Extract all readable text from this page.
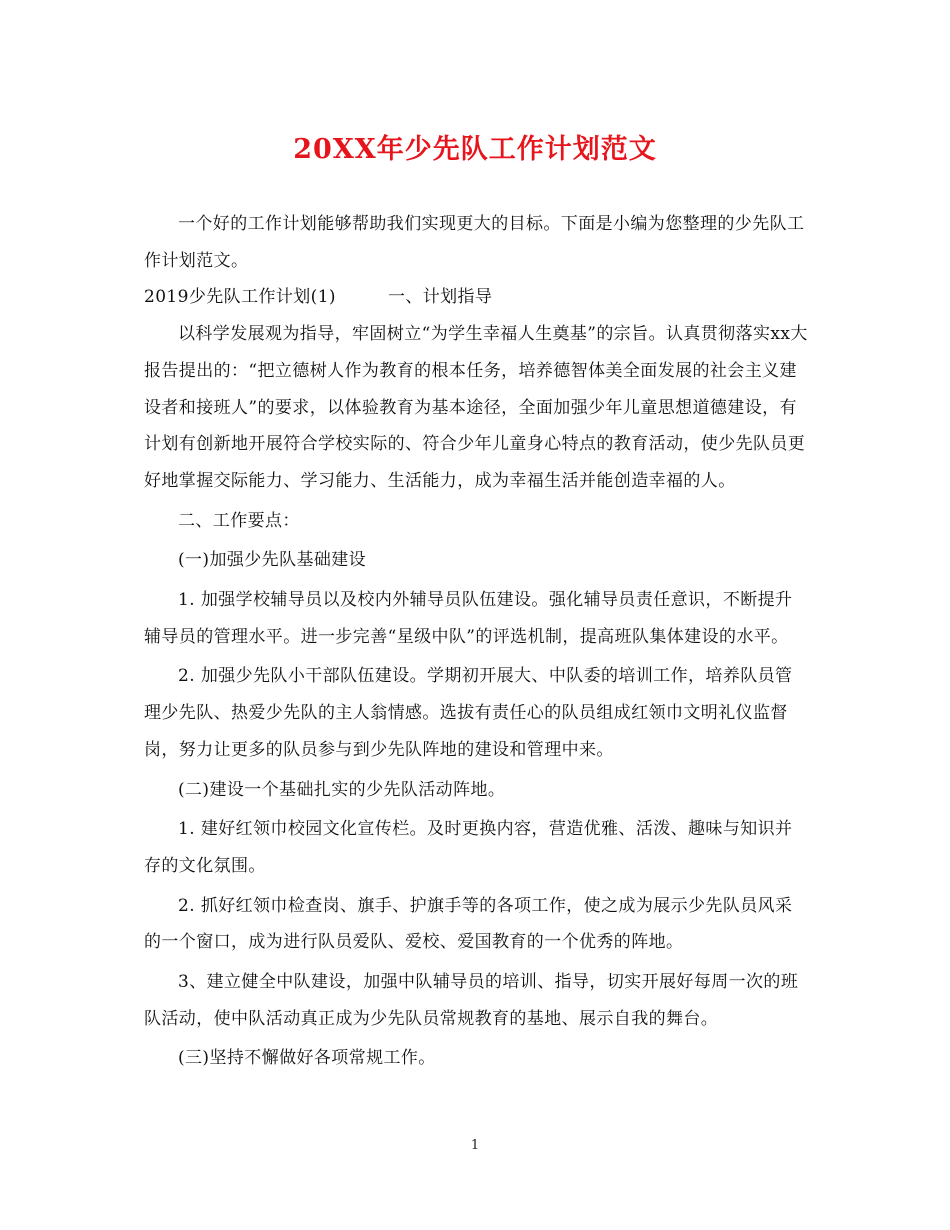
20XX年少先队工作计划范文

一个好的工作计划能够帮助我们实现更大的目标。下面是小编为您整理的少先队工作计划范文。

2019少先队工作计划(1)	一、计划指导

以科学发展观为指导，牢固树立“为学生幸福人生奠基”的宗旨。认真贯彻落实xx大报告提出的：“把立德树人作为教育的根本任务，培养德智体美全面发展的社会主义建设者和接班人”的要求，以体验教育为基本途径，全面加强少年儿童思想道德建设，有计划有创新地开展符合学校实际的、符合少年儿童身心特点的教育活动，使少先队员更好地掌握交际能力、学习能力、生活能力，成为幸福生活并能创造幸福的人。

二、工作要点：

(一)加强少先队基础建设

1. 加强学校辅导员以及校内外辅导员队伍建设。强化辅导员责任意识，不断提升辅导员的管理水平。进一步完善“星级中队”的评选机制，提高班队集体建设的水平。

2. 加强少先队小干部队伍建设。学期初开展大、中队委的培训工作，培养队员管理少先队、热爱少先队的主人翁情感。选拔有责任心的队员组成红领巾文明礼仪监督岗，努力让更多的队员参与到少先队阵地的建设和管理中来。

(二)建设一个基础扎实的少先队活动阵地。

1. 建好红领巾校园文化宣传栏。及时更换内容，营造优雅、活泼、趣味与知识并存的文化氛围。

2. 抓好红领巾检查岗、旗手、护旗手等的各项工作，使之成为展示少先队员风采的一个窗口，成为进行队员爱队、爱校、爱国教育的一个优秀的阵地。

3、建立健全中队建设，加强中队辅导员的培训、指导，切实开展好每周一次的班队活动，使中队活动真正成为少先队员常规教育的基地、展示自我的舞台。

(三)坚持不懈做好各项常规工作。

1
